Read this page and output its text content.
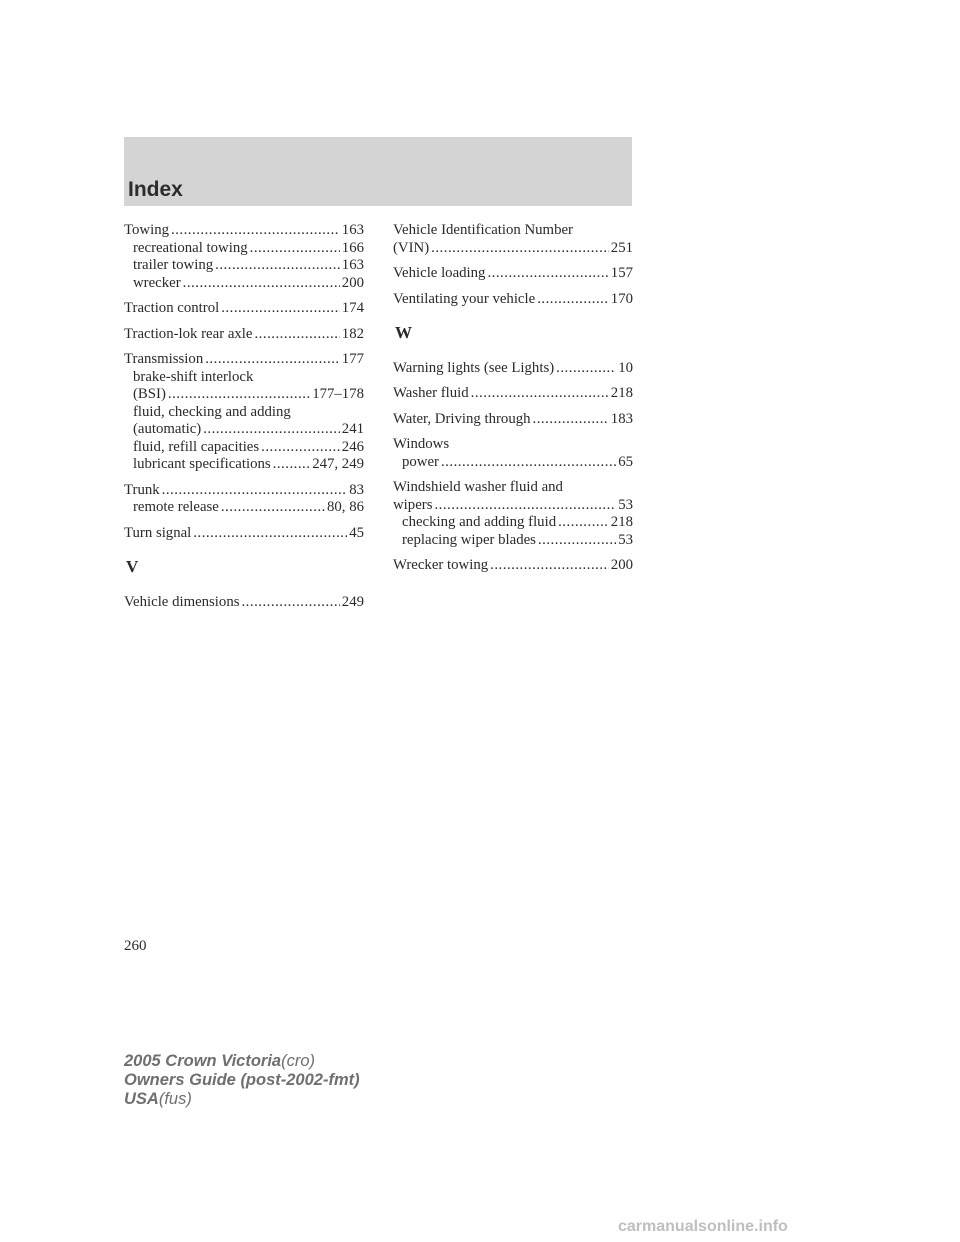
Index
Towing .....	163
recreational towing .....	166
trailer towing .....	163
wrecker .....	200
Traction control .....	174
Traction-lok rear axle .....	182
Transmission .....	177
brake-shift interlock
(BSI) .....	177–178
fluid, checking and adding
(automatic) .....	241
fluid, refill capacities .....	246
lubricant specifications .....	247, 249
Trunk .....	83
remote release .....	80, 86
Turn signal .....	45
V
Vehicle dimensions .....	249
Vehicle Identification Number
(VIN) .....	251
Vehicle loading .....	157
Ventilating your vehicle .....	170
W
Warning lights (see Lights) .....	10
Washer fluid .....	218
Water, Driving through .....	183
Windows
power .....	65
Windshield washer fluid and
wipers .....	53
checking and adding fluid .....	218
replacing wiper blades .....	53
Wrecker towing .....	200
260
2005 Crown Victoria(cro)
Owners Guide (post-2002-fmt)
USA(fus)
carmanualsonline.info
